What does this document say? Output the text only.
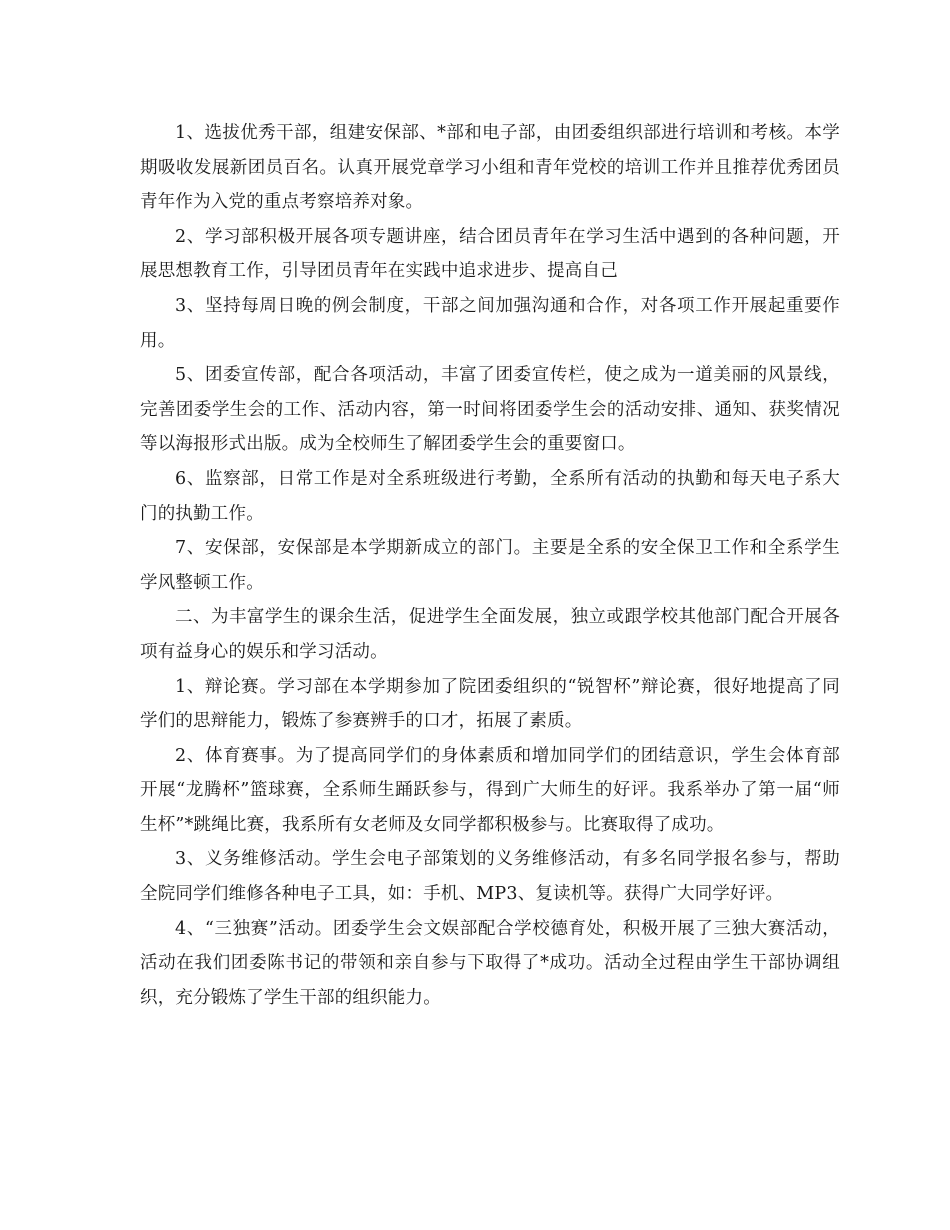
1、选拔优秀干部，组建安保部、*部和电子部，由团委组织部进行培训和考核。本学期吸收发展新团员百名。认真开展党章学习小组和青年党校的培训工作并且推荐优秀团员青年作为入党的重点考察培养对象。

2、学习部积极开展各项专题讲座，结合团员青年在学习生活中遇到的各种问题，开展思想教育工作，引导团员青年在实践中追求进步、提高自己

3、坚持每周日晚的例会制度，干部之间加强沟通和合作，对各项工作开展起重要作用。

5、团委宣传部，配合各项活动，丰富了团委宣传栏，使之成为一道美丽的风景线，完善团委学生会的工作、活动内容，第一时间将团委学生会的活动安排、通知、获奖情况等以海报形式出版。成为全校师生了解团委学生会的重要窗口。

6、监察部，日常工作是对全系班级进行考勤，全系所有活动的执勤和每天电子系大门的执勤工作。

7、安保部，安保部是本学期新成立的部门。主要是全系的安全保卫工作和全系学生学风整顿工作。

二、为丰富学生的课余生活，促进学生全面发展，独立或跟学校其他部门配合开展各项有益身心的娱乐和学习活动。

1、辩论赛。学习部在本学期参加了院团委组织的“锐智杯”辩论赛，很好地提高了同学们的思辩能力，锻炼了参赛辨手的口才，拓展了素质。

2、体育赛事。为了提高同学们的身体素质和增加同学们的团结意识，学生会体育部开展“龙腾杯”篮球赛，全系师生踊跃参与，得到广大师生的好评。我系举办了第一届“师生杯”*跳绳比赛，我系所有女老师及女同学都积极参与。比赛取得了成功。

3、义务维修活动。学生会电子部策划的义务维修活动，有多名同学报名参与，帮助全院同学们维修各种电子工具，如：手机、MP3、复读机等。获得广大同学好评。

4、“三独赛”活动。团委学生会文娱部配合学校德育处，积极开展了三独大赛活动，活动在我们团委陈书记的带领和亲自参与下取得了*成功。活动全过程由学生干部协调组织，充分锻炼了学生干部的组织能力。
